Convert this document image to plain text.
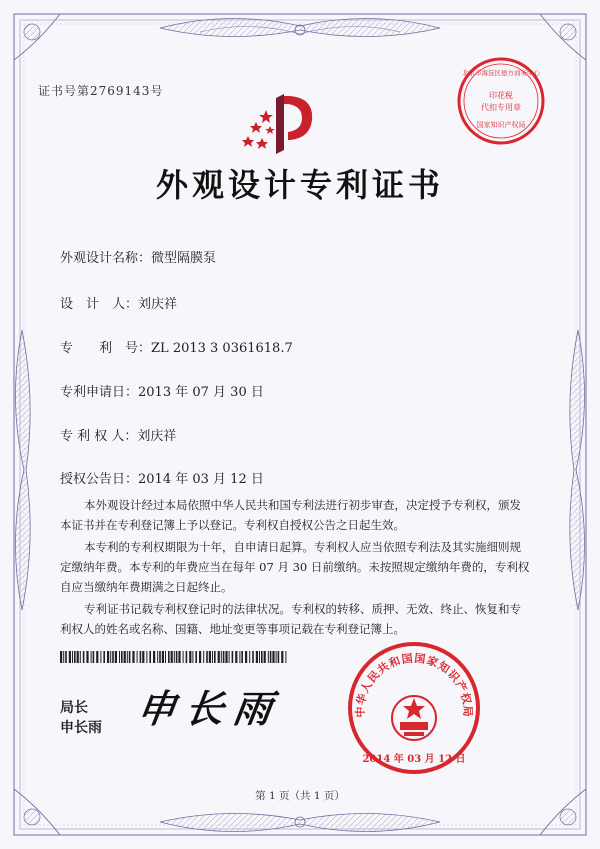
证书号第2769143号
北京市海淀区德方商务中心
印花税
代扣专用章
国家知识产权局
外观设计专利证书
外观设计名称：微型隔膜泵
设　计　人：刘庆祥
专　　利　号：ZL 2013 3 0361618.7
专利申请日：2013 年 07 月 30 日
专 利 权 人：刘庆祥
授权公告日：2014 年 03 月 12 日
本外观设计经过本局依照中华人民共和国专利法进行初步审查，决定授予专利权，颁发本证书并在专利登记簿上予以登记。专利权自授权公告之日起生效。
本专利的专利权期限为十年，自申请日起算。专利权人应当依照专利法及其实施细则规定缴纳年费。本专利的年费应当在每年 07 月 30 日前缴纳。未按照规定缴纳年费的，专利权自应当缴纳年费期满之日起终止。
专利证书记载专利权登记时的法律状况。专利权的转移、质押、无效、终止、恢复和专利权人的姓名或名称、国籍、地址变更等事项记载在专利登记簿上。
局长
申长雨 申长雨	中华人民共和国国家知识产权局
2014 年 03 月 12 日
第 1 页（共 1 页）
